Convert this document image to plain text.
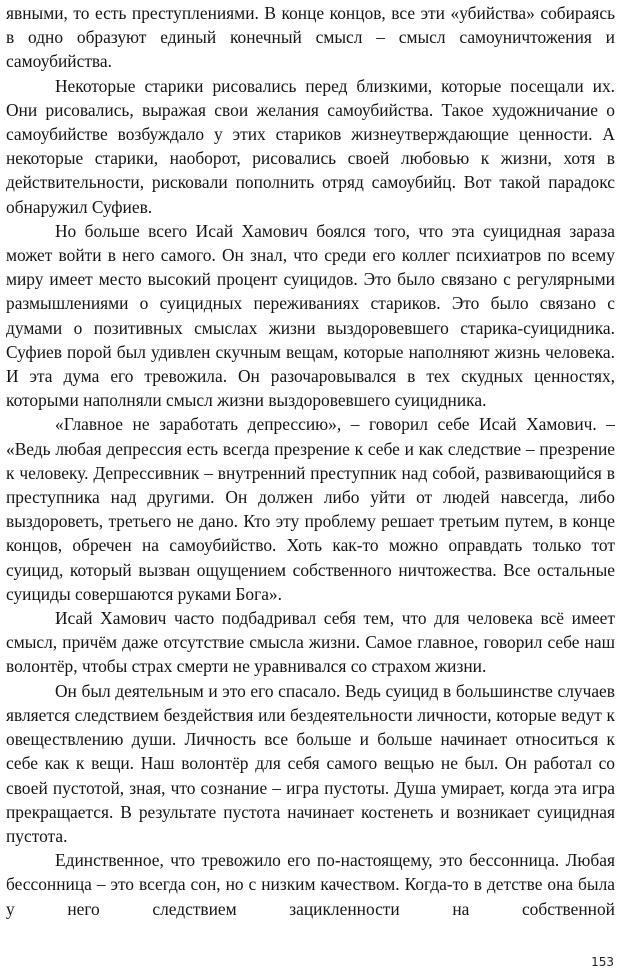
явными, то есть преступлениями. В конце концов, все эти «убийства» собираясь в одно образуют единый конечный смысл – смысл самоуничтожения и самоубийства.

Некоторые старики рисовались перед близкими, которые посещали их. Они рисовались, выражая свои желания самоубийства. Такое художничание о самоубийстве возбуждало у этих стариков жизнеутверждающие ценности. А некоторые старики, наоборот, рисовались своей любовью к жизни, хотя в действительности, рисковали пополнить отряд самоубийц. Вот такой парадокс обнаружил Суфиев.

Но больше всего Исай Хамович боялся того, что эта суицидная зараза может войти в него самого. Он знал, что среди его коллег психиатров по всему миру имеет место высокий процент суицидов. Это было связано с регулярными размышлениями о суицидных переживаниях стариков. Это было связано с думами о позитивных смыслах жизни выздоровевшего старика-суицидника. Суфиев порой был удивлен скучным вещам, которые наполняют жизнь человека. И эта дума его тревожила. Он разочаровывался в тех скудных ценностях, которыми наполняли смысл жизни выздоровевшего суицидника.

«Главное не заработать депрессию», – говорил себе Исай Хамович. – «Ведь любая депрессия есть всегда презрение к себе и как следствие – презрение к человеку. Депрессивник – внутренний преступник над собой, развивающийся в преступника над другими. Он должен либо уйти от людей навсегда, либо выздороветь, третьего не дано. Кто эту проблему решает третьим путем, в конце концов, обречен на самоубийство. Хоть как-то можно оправдать только тот суицид, который вызван ощущением собственного ничтожества. Все остальные суициды совершаются руками Бога».

Исай Хамович часто подбадривал себя тем, что для человека всё имеет смысл, причём даже отсутствие смысла жизни. Самое главное, говорил себе наш волонтёр, чтобы страх смерти не уравнивался со страхом жизни.

Он был деятельным и это его спасало. Ведь суицид в большинстве случаев является следствием бездействия или бездеятельности личности, которые ведут к овеществлению души. Личность все больше и больше начинает относиться к себе как к вещи. Наш волонтёр для себя самого вещью не был. Он работал со своей пустотой, зная, что сознание – игра пустоты. Душа умирает, когда эта игра прекращается. В результате пустота начинает костенеть и возникает суицидная пустота.

Единственное, что тревожило его по-настоящему, это бессонница. Любая бессонница – это всегда сон, но с низким качеством. Когда-то в детстве она была у него следствием зацикленности на собственной

153
